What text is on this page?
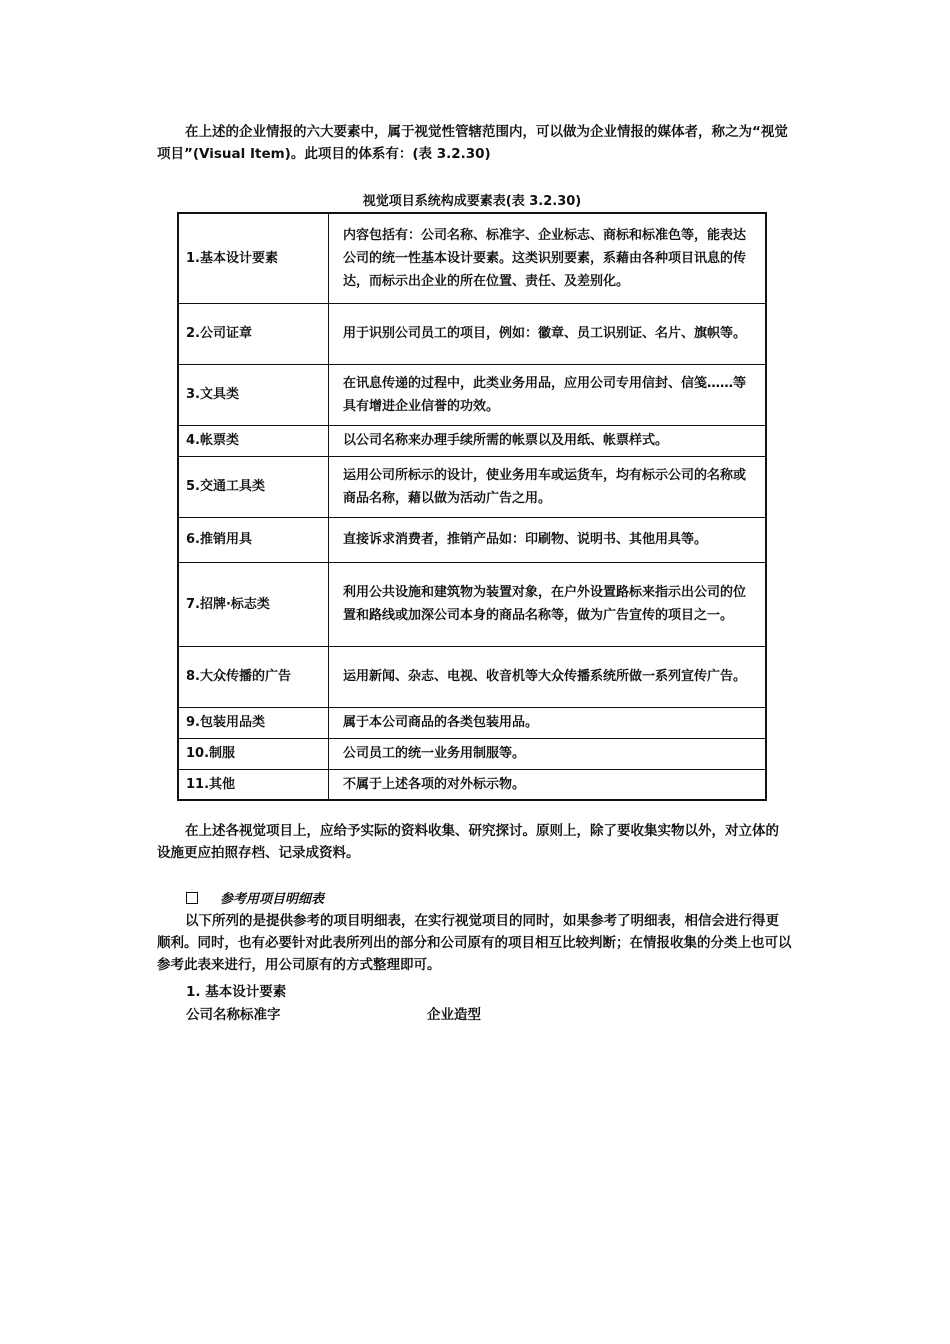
在上述的企业情报的六大要素中，属于视觉性管辖范围内，可以做为企业情报的媒体者，称之为“视觉项目”(Visual Item)。此项目的体系有：(表 3.2.30)

视觉项目系统构成要素表(表 3.2.30)

1.基本设计要素	内容包括有：公司名称、标准字、企业标志、商标和标准色等，能表达公司的统一性基本设计要素。这类识别要素，系藉由各种项目讯息的传达，而标示出企业的所在位置、责任、及差别化。
2.公司证章	用于识别公司员工的项目，例如：徽章、员工识别证、名片、旗帜等。
3.文具类	在讯息传递的过程中，此类业务用品，应用公司专用信封、信笺……等具有增进企业信誉的功效。
4.帐票类	以公司名称来办理手续所需的帐票以及用纸、帐票样式。
5.交通工具类	运用公司所标示的设计，使业务用车或运货车，均有标示公司的名称或商品名称，藉以做为活动广告之用。
6.推销用具	直接诉求消费者，推销产品如：印刷物、说明书、其他用具等。
7.招牌·标志类	利用公共设施和建筑物为装置对象，在户外设置路标来指示出公司的位置和路线或加深公司本身的商品名称等，做为广告宣传的项目之一。
8.大众传播的广告	运用新闻、杂志、电视、收音机等大众传播系统所做一系列宣传广告。
9.包装用品类	属于本公司商品的各类包装用品。
10.制服	公司员工的统一业务用制服等。
11.其他	不属于上述各项的对外标示物。

在上述各视觉项目上，应给予实际的资料收集、研究探讨。原则上，除了要收集实物以外，对立体的设施更应拍照存档、记录成资料。

参考用项目明细表

以下所列的是提供参考的项目明细表，在实行视觉项目的同时，如果参考了明细表，相信会进行得更顺利。同时，也有必要针对此表所列出的部分和公司原有的项目相互比较判断；在情报收集的分类上也可以参考此表来进行，用公司原有的方式整理即可。

1. 基本设计要素

公司名称标准字	企业造型
